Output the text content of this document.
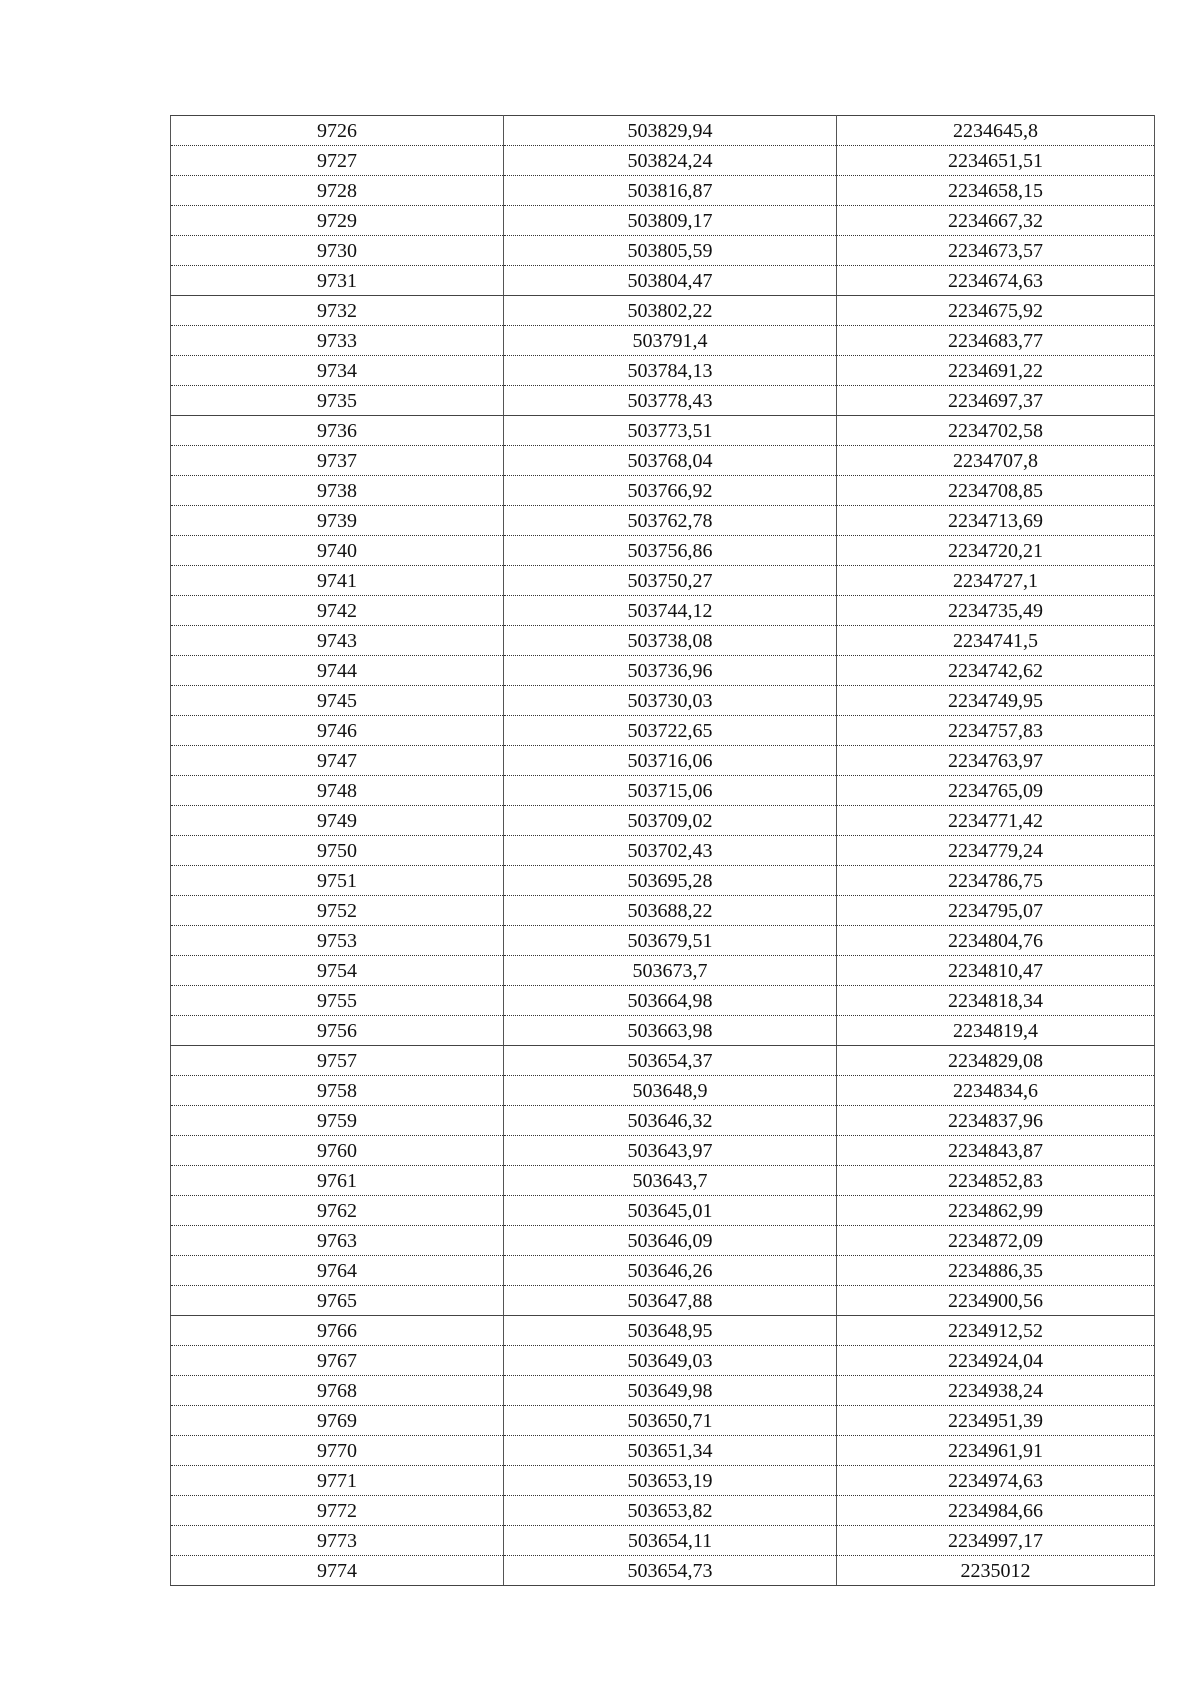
9726	503829,94	2234645,8
9727	503824,24	2234651,51
9728	503816,87	2234658,15
9729	503809,17	2234667,32
9730	503805,59	2234673,57
9731	503804,47	2234674,63
9732	503802,22	2234675,92
9733	503791,4	2234683,77
9734	503784,13	2234691,22
9735	503778,43	2234697,37
9736	503773,51	2234702,58
9737	503768,04	2234707,8
9738	503766,92	2234708,85
9739	503762,78	2234713,69
9740	503756,86	2234720,21
9741	503750,27	2234727,1
9742	503744,12	2234735,49
9743	503738,08	2234741,5
9744	503736,96	2234742,62
9745	503730,03	2234749,95
9746	503722,65	2234757,83
9747	503716,06	2234763,97
9748	503715,06	2234765,09
9749	503709,02	2234771,42
9750	503702,43	2234779,24
9751	503695,28	2234786,75
9752	503688,22	2234795,07
9753	503679,51	2234804,76
9754	503673,7	2234810,47
9755	503664,98	2234818,34
9756	503663,98	2234819,4
9757	503654,37	2234829,08
9758	503648,9	2234834,6
9759	503646,32	2234837,96
9760	503643,97	2234843,87
9761	503643,7	2234852,83
9762	503645,01	2234862,99
9763	503646,09	2234872,09
9764	503646,26	2234886,35
9765	503647,88	2234900,56
9766	503648,95	2234912,52
9767	503649,03	2234924,04
9768	503649,98	2234938,24
9769	503650,71	2234951,39
9770	503651,34	2234961,91
9771	503653,19	2234974,63
9772	503653,82	2234984,66
9773	503654,11	2234997,17
9774	503654,73	2235012
